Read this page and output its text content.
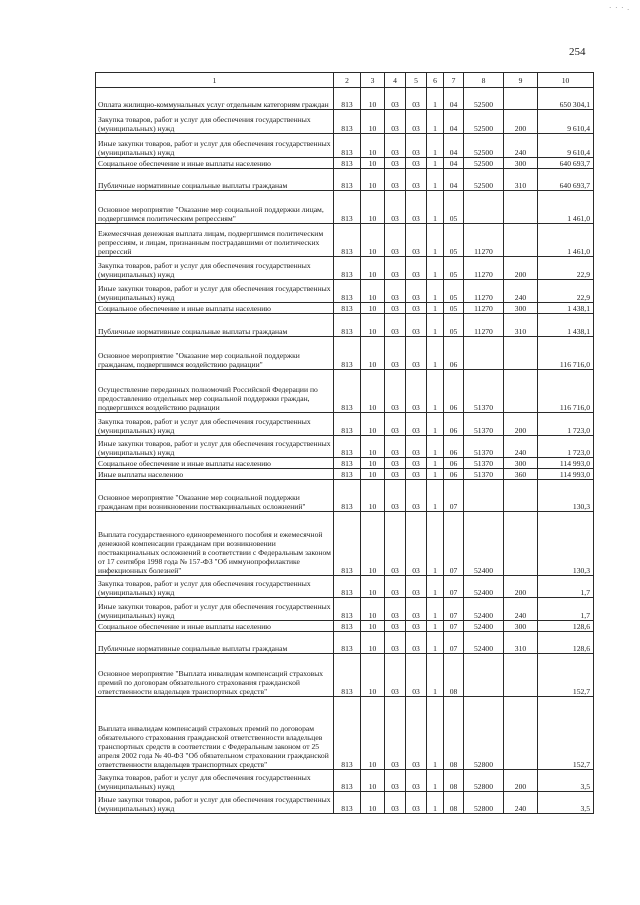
· · · .
254
1	2	3	4	5	6	7	8	9	10
Оплата жилищно-коммунальных услуг отдельным категориям граждан	813	10	03	03	1	04	52500		650 304,1
Закупка товаров, работ и услуг для обеспечения государственных (муниципальных) нужд	813	10	03	03	1	04	52500	200	9 610,4
Иные закупки товаров, работ и услуг для обеспечения государственных (муниципальных) нужд	813	10	03	03	1	04	52500	240	9 610,4
Социальное обеспечение и иные выплаты населению	813	10	03	03	1	04	52500	300	640 693,7
Публичные нормативные социальные выплаты гражданам	813	10	03	03	1	04	52500	310	640 693,7
Основное мероприятие "Оказание мер социальной поддержки лицам, подвергшимся политическим репрессиям"	813	10	03	03	1	05			1 461,0
Ежемесячная денежная выплата лицам, подвергшимся политическим репрессиям, и лицам, признанным пострадавшими от политических репрессий	813	10	03	03	1	05	11270		1 461,0
Закупка товаров, работ и услуг для обеспечения государственных (муниципальных) нужд	813	10	03	03	1	05	11270	200	22,9
Иные закупки товаров, работ и услуг для обеспечения государственных (муниципальных) нужд	813	10	03	03	1	05	11270	240	22,9
Социальное обеспечение и иные выплаты населению	813	10	03	03	1	05	11270	300	1 438,1
Публичные нормативные социальные выплаты гражданам	813	10	03	03	1	05	11270	310	1 438,1
Основное мероприятие "Оказание мер социальной поддержки гражданам, подвергшимся воздействию радиации"	813	10	03	03	1	06			116 716,0
Осуществление переданных полномочий Российской Федерации по предоставлению отдельных мер социальной поддержки граждан, подвергшихся воздействию радиации	813	10	03	03	1	06	51370		116 716,0
Закупка товаров, работ и услуг для обеспечения государственных (муниципальных) нужд	813	10	03	03	1	06	51370	200	1 723,0
Иные закупки товаров, работ и услуг для обеспечения государственных (муниципальных) нужд	813	10	03	03	1	06	51370	240	1 723,0
Социальное обеспечение и иные выплаты населению	813	10	03	03	1	06	51370	300	114 993,0
Иные выплаты населению	813	10	03	03	1	06	51370	360	114 993,0
Основное мероприятие "Оказание мер социальной поддержки гражданам при возникновении поствакцинальных осложнений"	813	10	03	03	1	07			130,3
Выплата государственного единовременного пособия и ежемесячной денежной компенсации гражданам при возникновении поствакцинальных осложнений в соответствии с Федеральным законом от 17 сентября 1998 года № 157-ФЗ "Об иммунопрофилактике инфекционных болезней"	813	10	03	03	1	07	52400		130,3
Закупка товаров, работ и услуг для обеспечения государственных (муниципальных) нужд	813	10	03	03	1	07	52400	200	1,7
Иные закупки товаров, работ и услуг для обеспечения государственных (муниципальных) нужд	813	10	03	03	1	07	52400	240	1,7
Социальное обеспечение и иные выплаты населению	813	10	03	03	1	07	52400	300	128,6
Публичные нормативные социальные выплаты гражданам	813	10	03	03	1	07	52400	310	128,6
Основное мероприятие "Выплата инвалидам компенсаций страховых премий по договорам обязательного страхования гражданской ответственности владельцев транспортных средств"	813	10	03	03	1	08			152,7
Выплата инвалидам компенсаций страховых премий по договорам обязательного страхования гражданской ответственности владельцев транспортных средств в соответствии с Федеральным законом от 25 апреля 2002 года № 40-ФЗ "Об обязательном страховании гражданской ответственности владельцев транспортных средств"	813	10	03	03	1	08	52800		152,7
Закупка товаров, работ и услуг для обеспечения государственных (муниципальных) нужд	813	10	03	03	1	08	52800	200	3,5
Иные закупки товаров, работ и услуг для обеспечения государственных (муниципальных) нужд	813	10	03	03	1	08	52800	240	3,5
